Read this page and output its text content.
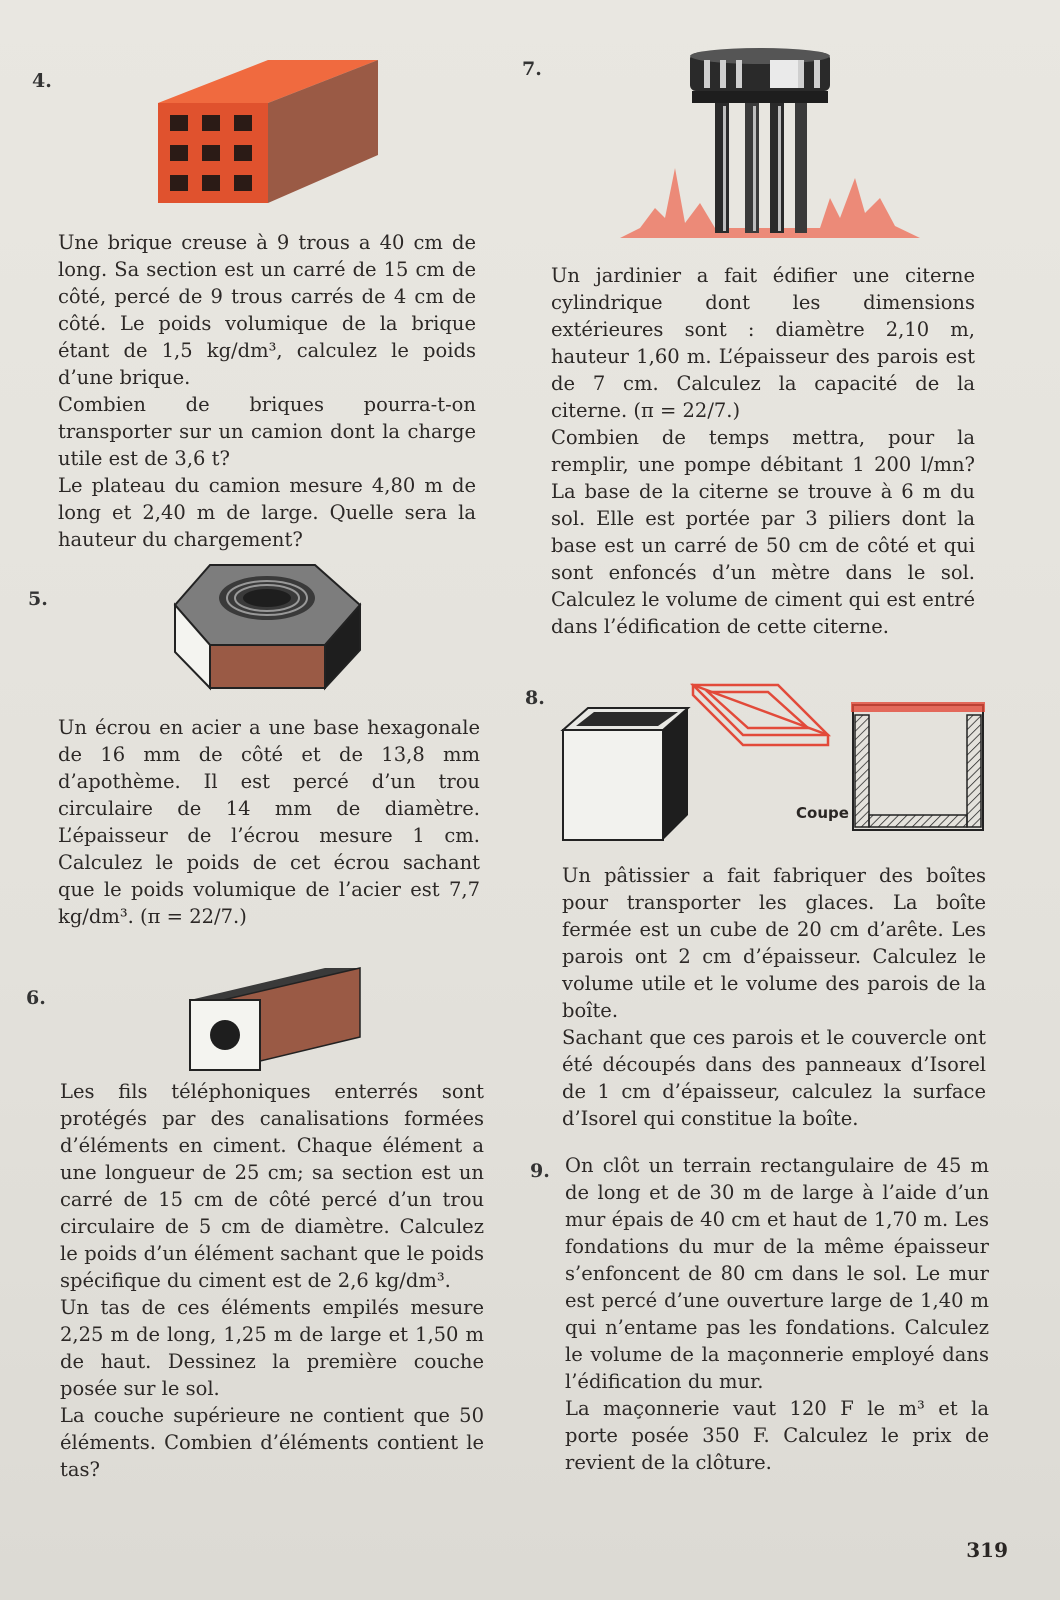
4.

Une brique creuse à 9 trous a 40 cm de long. Sa section est un carré de 15 cm de côté, percé de 9 trous carrés de 4 cm de côté. Le poids volumique de la brique étant de 1,5 kg/dm³, calculez le poids d’une brique.

Combien de briques pourra-t-on transporter sur un camion dont la charge utile est de 3,6 t?

Le plateau du camion mesure 4,80 m de long et 2,40 m de large. Quelle sera la hauteur du chargement?

5.

Un écrou en acier a une base hexagonale de 16 mm de côté et de 13,8 mm d’apothème. Il est percé d’un trou circulaire de 14 mm de diamètre. L’épaisseur de l’écrou mesure 1 cm. Calculez le poids de cet écrou sachant que le poids volumique de l’acier est 7,7 kg/dm³. (π = 22/7.)

6.

Les fils téléphoniques enterrés sont protégés par des canalisations formées d’éléments en ciment. Chaque élément a une longueur de 25 cm; sa section est un carré de 15 cm de côté percé d’un trou circulaire de 5 cm de diamètre. Calculez le poids d’un élément sachant que le poids spécifique du ciment est de 2,6 kg/dm³.

Un tas de ces éléments empilés mesure 2,25 m de long, 1,25 m de large et 1,50 m de haut. Dessinez la première couche posée sur le sol.

La couche supérieure ne contient que 50 éléments. Combien d’éléments contient le tas?

7.

Un jardinier a fait édifier une citerne cylindrique dont les dimensions extérieures sont : diamètre 2,10 m, hauteur 1,60 m. L’épaisseur des parois est de 7 cm. Calculez la capacité de la citerne. (π = 22/7.)

Combien de temps mettra, pour la remplir, une pompe débitant 1 200 l/mn? La base de la citerne se trouve à 6 m du sol. Elle est portée par 3 piliers dont la base est un carré de 50 cm de côté et qui sont enfoncés d’un mètre dans le sol. Calculez le volume de ciment qui est entré dans l’édification de cette citerne.

8.
Coupe

Un pâtissier a fait fabriquer des boîtes pour transporter les glaces. La boîte fermée est un cube de 20 cm d’arête. Les parois ont 2 cm d’épaisseur. Calculez le volume utile et le volume des parois de la boîte.

Sachant que ces parois et le couvercle ont été découpés dans des panneaux d’Isorel de 1 cm d’épaisseur, calculez la surface d’Isorel qui constitue la boîte.

9. On clôt un terrain rectangulaire de 45 m de long et de 30 m de large à l’aide d’un mur épais de 40 cm et haut de 1,70 m. Les fondations du mur de la même épaisseur s’enfoncent de 80 cm dans le sol. Le mur est percé d’une ouverture large de 1,40 m qui n’entame pas les fondations. Calculez le volume de la maçonnerie employé dans l’édification du mur.

La maçonnerie vaut 120 F le m³ et la porte posée 350 F. Calculez le prix de revient de la clôture.

319
